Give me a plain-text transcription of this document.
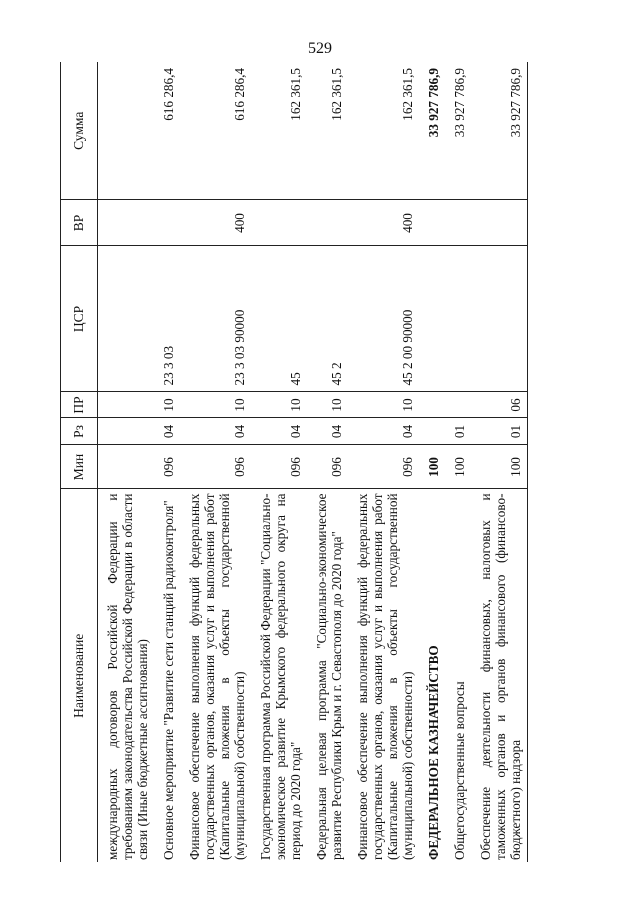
529
Наименование	Мин	Рз	ПР	ЦСР	ВР	Сумма
международных договоров Российской Федерации и требованиям законодательства Российской Федерации в области связи (Иные бюджетные ассигнования)						
Основное мероприятие "Развитие сети станций радиоконтроля"	096	04	10	23 3 03		616 286,4
Финансовое обеспечение выполнения функций федеральных государственных органов, оказания услуг и выполнения работ (Капитальные вложения в объекты государственной (муниципальной) собственности)	096	04	10	23 3 03 90000	400	616 286,4
Государственная программа Российской Федерации "Социально-экономическое развитие Крымского федерального округа на период до 2020 года"	096	04	10	45		162 361,5
Федеральная целевая программа "Социально-экономическое развитие Республики Крым и г. Севастополя до 2020 года"	096	04	10	45 2		162 361,5
Финансовое обеспечение выполнения функций федеральных государственных органов, оказания услуг и выполнения работ (Капитальные вложения в объекты государственной (муниципальной) собственности)	096	04	10	45 2 00 90000	400	162 361,5
ФЕДЕРАЛЬНОЕ КАЗНАЧЕЙСТВО	100					33 927 786,9
Общегосударственные вопросы	100	01				33 927 786,9
Обеспечение деятельности финансовых, налоговых и таможенных органов и органов финансового (финансово-бюджетного) надзора	100	01	06			33 927 786,9
